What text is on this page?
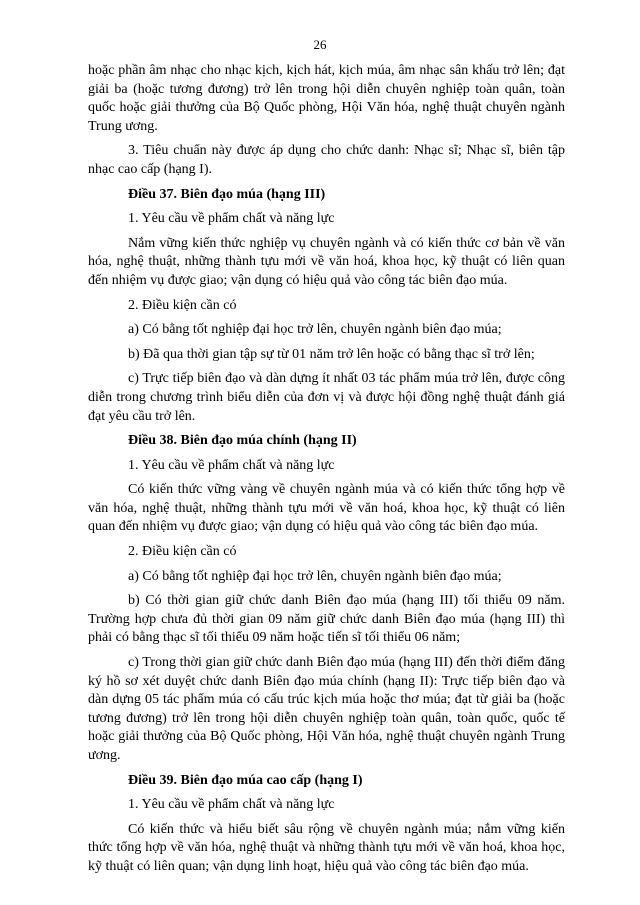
26

hoặc phần âm nhạc cho nhạc kịch, kịch hát, kịch múa, âm nhạc sân khấu trở lên; đạt giải ba (hoặc tương đương) trở lên trong hội diễn chuyên nghiệp toàn quân, toàn quốc hoặc giải thưởng của Bộ Quốc phòng, Hội Văn hóa, nghệ thuật chuyên ngành Trung ương.

3. Tiêu chuẩn này được áp dụng cho chức danh: Nhạc sĩ; Nhạc sĩ, biên tập nhạc cao cấp (hạng I).

Điều 37. Biên đạo múa (hạng III)

1. Yêu cầu về phẩm chất và năng lực

Nắm vững kiến thức nghiệp vụ chuyên ngành và có kiến thức cơ bản về văn hóa, nghệ thuật, những thành tựu mới về văn hoá, khoa học, kỹ thuật có liên quan đến nhiệm vụ được giao; vận dụng có hiệu quả vào công tác biên đạo múa.

2. Điều kiện cần có

a) Có bằng tốt nghiệp đại học trở lên, chuyên ngành biên đạo múa;

b) Đã qua thời gian tập sự từ 01 năm trở lên hoặc có bằng thạc sĩ trở lên;

c) Trực tiếp biên đạo và dàn dựng ít nhất 03 tác phẩm múa trở lên, được công diễn trong chương trình biểu diễn của đơn vị và được hội đồng nghệ thuật đánh giá đạt yêu cầu trở lên.

Điều 38. Biên đạo múa chính (hạng II)

1. Yêu cầu về phẩm chất và năng lực

Có kiến thức vững vàng về chuyên ngành múa và có kiến thức tổng hợp về văn hóa, nghệ thuật, những thành tựu mới về văn hoá, khoa học, kỹ thuật có liên quan đến nhiệm vụ được giao; vận dụng có hiệu quả vào công tác biên đạo múa.

2. Điều kiện cần có

a) Có bằng tốt nghiệp đại học trở lên, chuyên ngành biên đạo múa;

b) Có thời gian giữ chức danh Biên đạo múa (hạng III) tối thiểu 09 năm. Trường hợp chưa đủ thời gian 09 năm giữ chức danh Biên đạo múa (hạng III) thì phải có bằng thạc sĩ tối thiểu 09 năm hoặc tiến sĩ tối thiểu 06 năm;

c) Trong thời gian giữ chức danh Biên đạo múa (hạng III) đến thời điểm đăng ký hồ sơ xét duyệt chức danh Biên đạo múa chính (hạng II): Trực tiếp biên đạo và dàn dựng 05 tác phẩm múa có cấu trúc kịch múa hoặc thơ múa; đạt từ giải ba (hoặc tương đương) trở lên trong hội diễn chuyên nghiệp toàn quân, toàn quốc, quốc tế hoặc giải thưởng của Bộ Quốc phòng, Hội Văn hóa, nghệ thuật chuyên ngành Trung ương.

Điều 39. Biên đạo múa cao cấp (hạng I)

1. Yêu cầu về phẩm chất và năng lực

Có kiến thức và hiểu biết sâu rộng về chuyên ngành múa; nắm vững kiến thức tổng hợp về văn hóa, nghệ thuật và những thành tựu mới về văn hoá, khoa học, kỹ thuật có liên quan; vận dụng linh hoạt, hiệu quả vào công tác biên đạo múa.
